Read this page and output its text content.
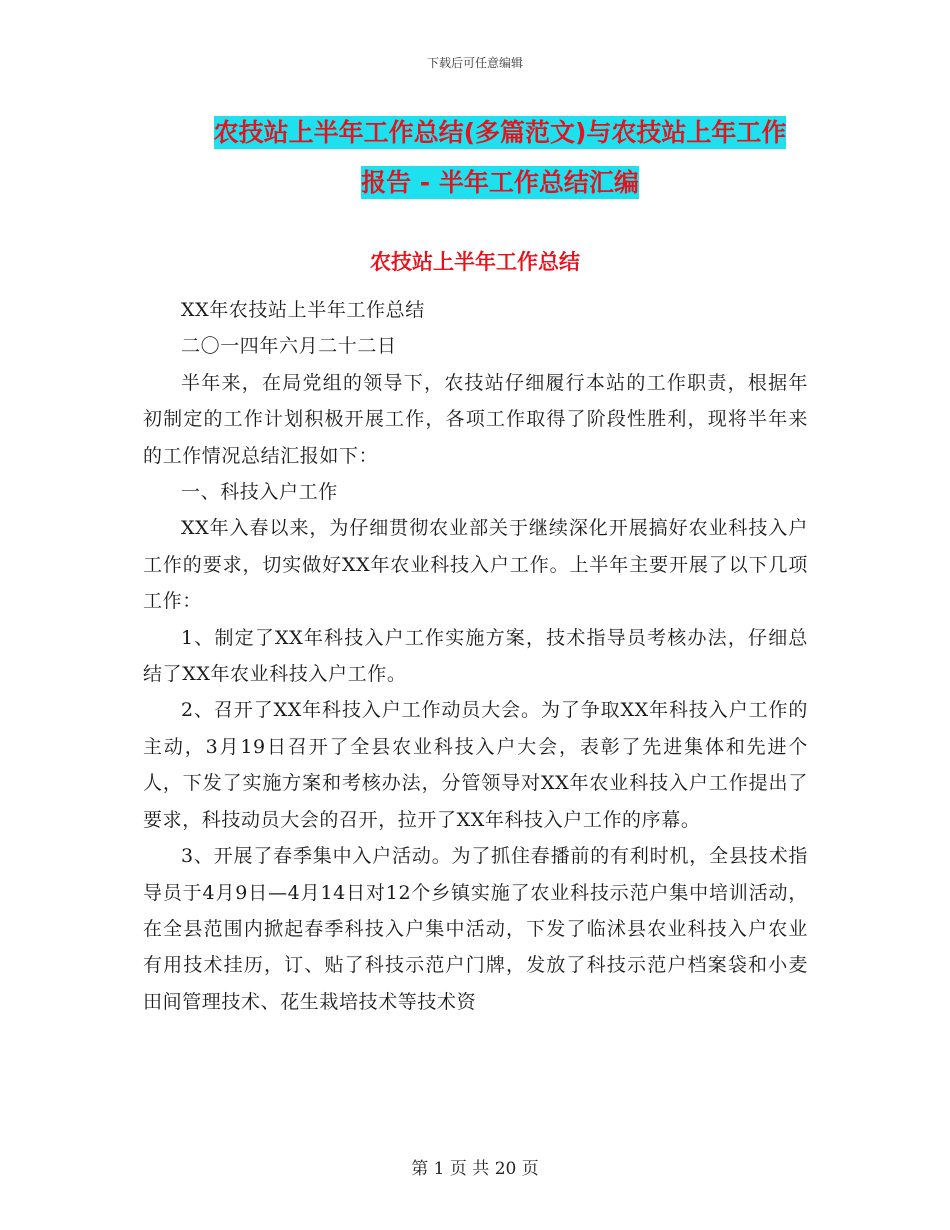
下载后可任意编辑
农技站上半年工作总结(多篇范文)与农技站上年工作
报告 - 半年工作总结汇编
农技站上半年工作总结

XX年农技站上半年工作总结

二〇一四年六月二十二日

半年来，在局党组的领导下，农技站仔细履行本站的工作职责，根据年初制定的工作计划积极开展工作，各项工作取得了阶段性胜利，现将半年来的工作情况总结汇报如下：

一、科技入户工作

XX年入春以来，为仔细贯彻农业部关于继续深化开展搞好农业科技入户工作的要求，切实做好XX年农业科技入户工作。上半年主要开展了以下几项工作：

1、制定了XX年科技入户工作实施方案，技术指导员考核办法，仔细总结了XX年农业科技入户工作。

2、召开了XX年科技入户工作动员大会。为了争取XX年科技入户工作的主动，3月19日召开了全县农业科技入户大会，表彰了先进集体和先进个人，下发了实施方案和考核办法，分管领导对XX年农业科技入户工作提出了要求，科技动员大会的召开，拉开了XX年科技入户工作的序幕。

3、开展了春季集中入户活动。为了抓住春播前的有利时机，全县技术指导员于4月9日—4月14日对12个乡镇实施了农业科技示范户集中培训活动，在全县范围内掀起春季科技入户集中活动，下发了临沭县农业科技入户农业有用技术挂历，订、贴了科技示范户门牌，发放了科技示范户档案袋和小麦田间管理技术、花生栽培技术等技术资

第 1 页 共 20 页
